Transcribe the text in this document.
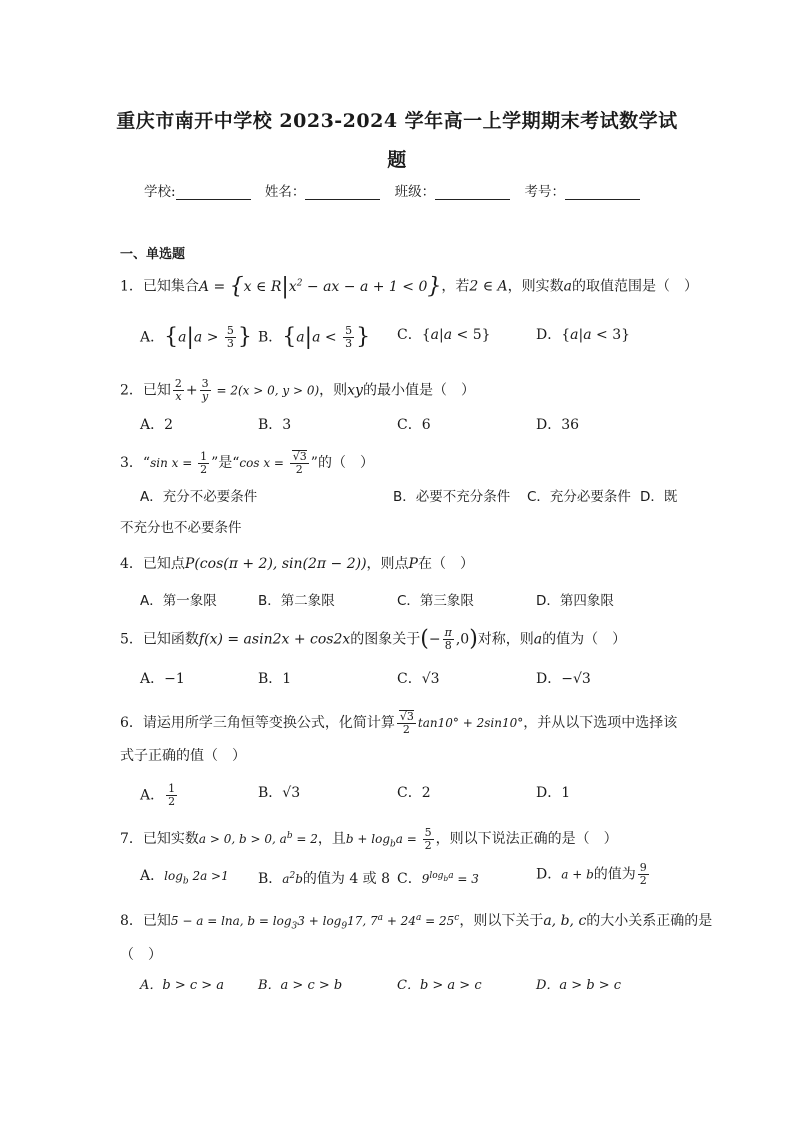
重庆市南开中学校 2023-2024 学年高一上学期期末考试数学试
题
学校:	姓名：	班级：	考号：
一、单选题
1．已知集合A = {x ∈ $R|x^2$ − ax − a + 1 < 0}，若2 ∈ A，则实数a的取值范围是（　）
A．{$a|a > \frac{5}{3}$ } B．{$a|a < \frac{5}{3}$ } C．{a|a < 5}	D．{a|a < 3}
2．已知 $\frac{2}{x} + \frac{3}{y} = 2(x > 0$, y > 0)，则xy的最小值是（　）
A．2	B．3	C．6	D．36
3．“sin $x = \frac{1}{2}$ ”是“cos $x = \frac{√3}{2}$ ”的（　）
A．充分不必要条件	B．必要不充分条件 C．充分必要条件 D．既
不充分也不必要条件
4．已知点P(cos(π + 2), sin(2π − 2))，则点P在（　）
A．第一象限	B．第二象限	C．第三象限	D．第四象限
5．已知函数f(x) = asin2x + cos2x的图象关于(− $\frac{\pi}{8} ,0$)对称，则a的值为（　）
A．−1	B．1	C．√3	D．−√3
6．请运用所学三角恒等变换公式，化简计算 $\frac{√3}{2} \tan 10^\circ + 2\sin 10^\circ$，并从以下选项中选择该
式子正确的值（　）
A． $\frac{1}{2}$	B．√3	C．2	D．1
7．已知实数a > 0, b > 0, $a^b = 2$，且$b + \log_ba = \frac{5}{2}$ ，则以下说法正确的是（　）
A．$\log_b 2a >1$ B．$a^2b$的值为 4 或 8 C．$9^{log_ba} = 3$	D．a + b的值为 $\frac{9}{2}$
8．已知5 − a = lna, $b = \log_33 + \log_917$, $7^a + 24^a = 25^c$，则以下关于a, b, c的大小关系正确的是
（　）
A．b > c > a	B．a > c > b	C．b > a > c	D．a > b > c
